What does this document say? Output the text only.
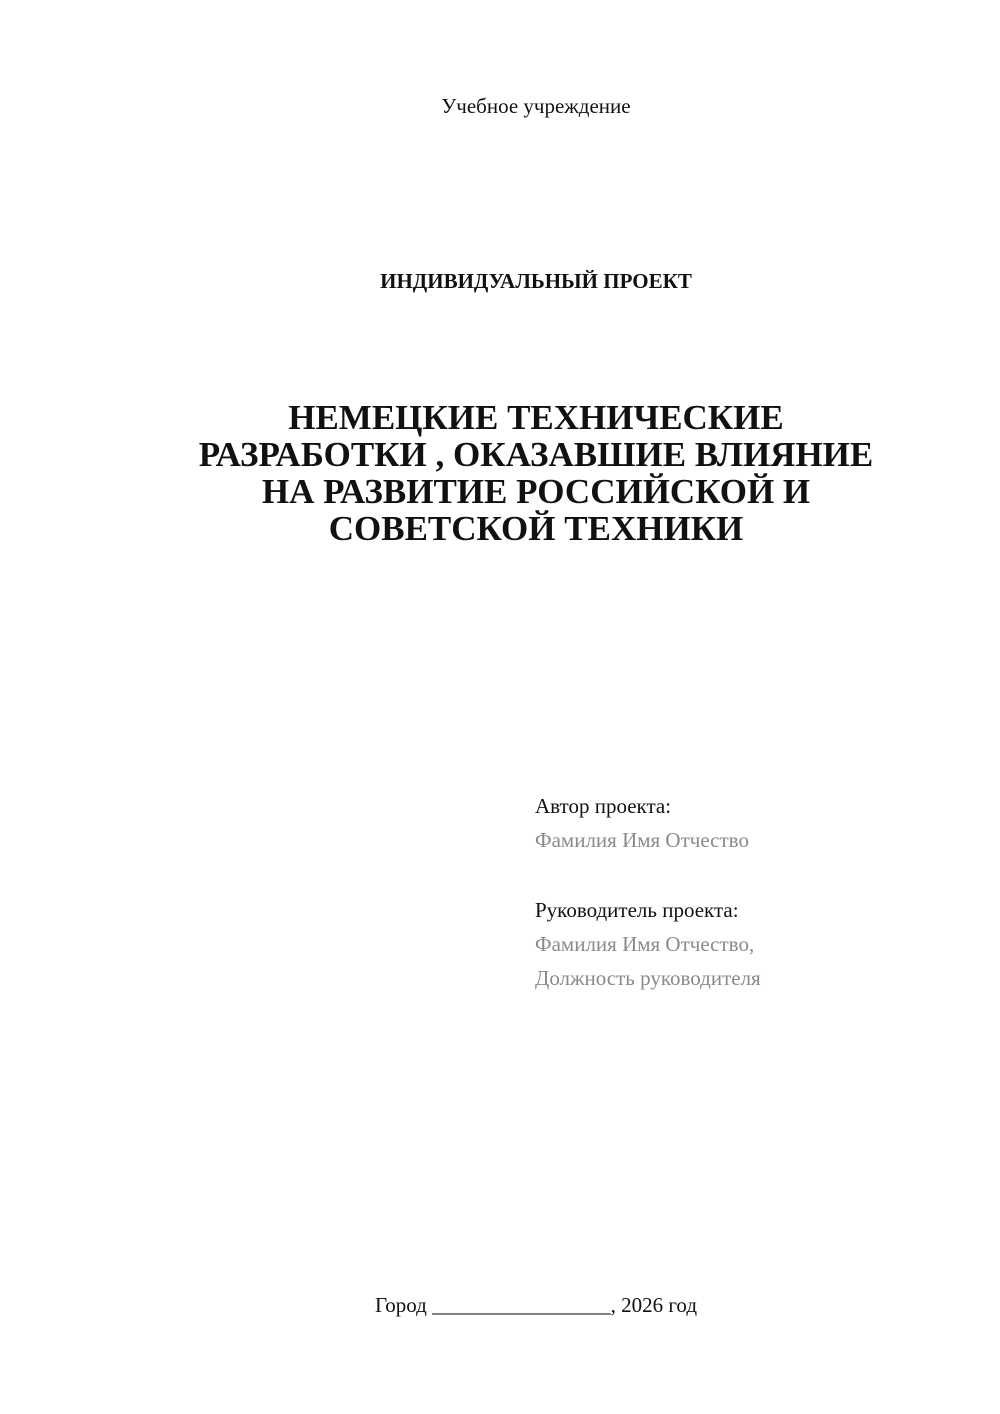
Учебное учреждение
ИНДИВИДУАЛЬНЫЙ ПРОЕКТ
НЕМЕЦКИЕ ТЕХНИЧЕСКИЕ
РАЗРАБОТКИ , ОКАЗАВШИЕ ВЛИЯНИЕ
НА РАЗВИТИЕ РОССИЙСКОЙ И
СОВЕТСКОЙ ТЕХНИКИ
Автор проекта:
Фамилия Имя Отчество
Руководитель проекта:
Фамилия Имя Отчество,
Должность руководителя
Город _________________, 2026 год
